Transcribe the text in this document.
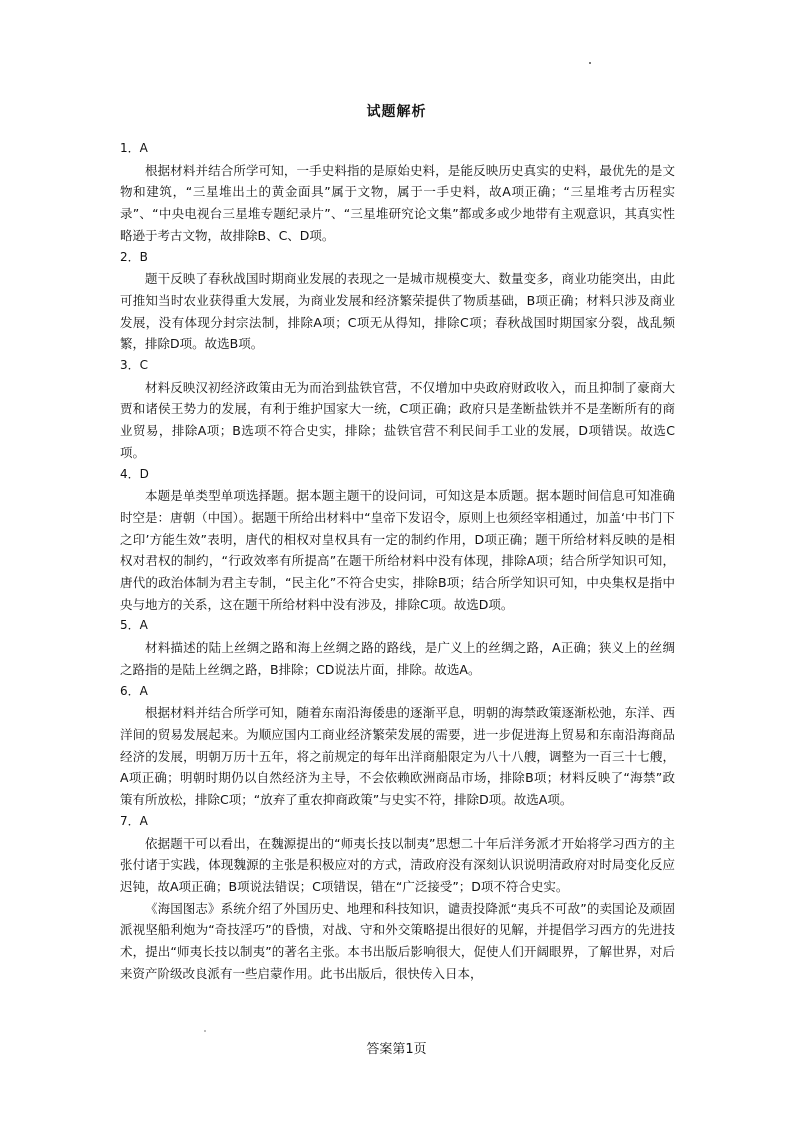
试题解析

1．A

根据材料并结合所学可知，一手史料指的是原始史料，是能反映历史真实的史料，最优先的是文物和建筑，“三星堆出土的黄金面具”属于文物，属于一手史料，故A项正确；“三星堆考古历程实录”、“中央电视台三星堆专题纪录片”、“三星堆研究论文集”都或多或少地带有主观意识，其真实性略逊于考古文物，故排除B、C、D项。

2．B

题干反映了春秋战国时期商业发展的表现之一是城市规模变大、数量变多，商业功能突出，由此可推知当时农业获得重大发展，为商业发展和经济繁荣提供了物质基础，B项正确；材料只涉及商业发展，没有体现分封宗法制，排除A项；C项无从得知，排除C项；春秋战国时期国家分裂，战乱频繁，排除D项。故选B项。

3．C

材料反映汉初经济政策由无为而治到盐铁官营，不仅增加中央政府财政收入，而且抑制了豪商大贾和诸侯王势力的发展，有利于维护国家大一统，C项正确；政府只是垄断盐铁并不是垄断所有的商业贸易，排除A项；B选项不符合史实，排除；盐铁官营不利民间手工业的发展，D项错误。故选C项。

4．D

本题是单类型单项选择题。据本题主题干的设问词，可知这是本质题。据本题时间信息可知准确时空是：唐朝（中国）。据题干所给出材料中“皇帝下发诏令，原则上也须经宰相通过，加盖‘中书门下之印’方能生效”表明，唐代的相权对皇权具有一定的制约作用，D项正确；题干所给材料反映的是相权对君权的制约，“行政效率有所提高”在题干所给材料中没有体现，排除A项；结合所学知识可知，唐代的政治体制为君主专制，“民主化”不符合史实，排除B项；结合所学知识可知，中央集权是指中央与地方的关系，这在题干所给材料中没有涉及，排除C项。故选D项。

5．A

材料描述的陆上丝绸之路和海上丝绸之路的路线，是广义上的丝绸之路，A正确；狭义上的丝绸之路指的是陆上丝绸之路，B排除；CD说法片面，排除。故选A。

6．A

根据材料并结合所学可知，随着东南沿海倭患的逐渐平息，明朝的海禁政策逐渐松弛，东洋、西洋间的贸易发展起来。为顺应国内工商业经济繁荣发展的需要，进一步促进海上贸易和东南沿海商品经济的发展，明朝万历十五年，将之前规定的每年出洋商船限定为八十八艘，调整为一百三十七艘，A项正确；明朝时期仍以自然经济为主导，不会依赖欧洲商品市场，排除B项；材料反映了“海禁”政策有所放松，排除C项；“放弃了重农抑商政策”与史实不符，排除D项。故选A项。

7．A

依据题干可以看出，在魏源提出的“师夷长技以制夷”思想二十年后洋务派才开始将学习西方的主张付诸于实践，体现魏源的主张是积极应对的方式，清政府没有深刻认识说明清政府对时局变化反应迟钝，故A项正确；B项说法错误；C项错误，错在“广泛接受”；D项不符合史实。

《海国图志》系统介绍了外国历史、地理和科技知识，谴责投降派“夷兵不可敌”的卖国论及顽固派视坚船利炮为“奇技淫巧”的昏愦，对战、守和外交策略提出很好的见解，并提倡学习西方的先进技术，提出“师夷长技以制夷”的著名主张。本书出版后影响很大，促使人们开阔眼界，了解世界，对后来资产阶级改良派有一些启蒙作用。此书出版后，很快传入日本，

答案第1页
